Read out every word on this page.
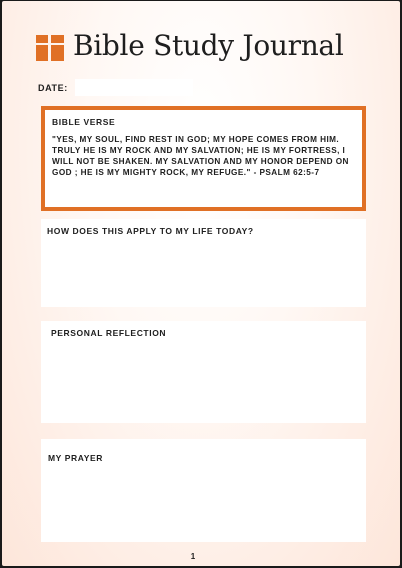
Bible Study Journal
DATE:
BIBLE VERSE
"YES, MY SOUL, FIND REST IN GOD; MY HOPE COMES FROM HIM. TRULY HE IS MY ROCK AND MY SALVATION; HE IS MY FORTRESS, I WILL NOT BE SHAKEN. MY SALVATION AND MY HONOR DEPEND ON GOD ; HE IS MY MIGHTY ROCK, MY REFUGE." - PSALM 62:5-7
HOW DOES THIS APPLY TO MY LIFE TODAY?
PERSONAL REFLECTION
MY PRAYER
1
